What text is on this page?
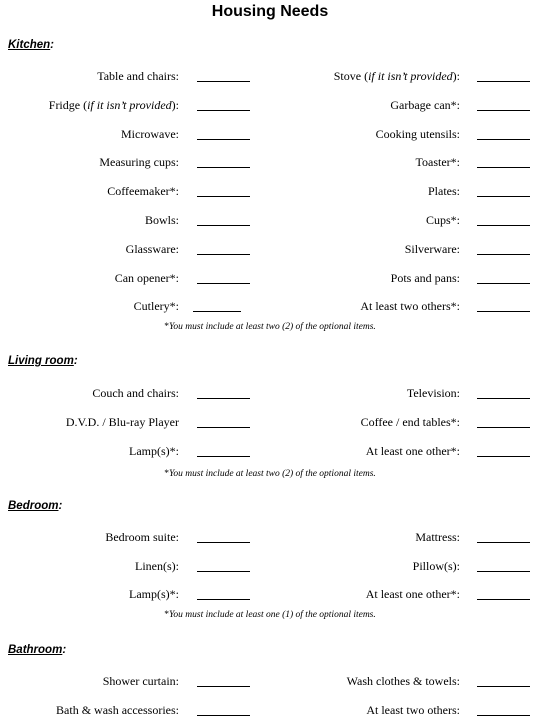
Housing Needs
Kitchen:
Table and chairs:	Stove (if it isn’t provided):
Fridge (if it isn’t provided):	Garbage can*:
Microwave:	Cooking utensils:
Measuring cups:	Toaster*:
Coffeemaker*:	Plates:
Bowls:	Cups*:
Glassware:	Silverware:
Can opener*:	Pots and pans:
Cutlery*:	At least two others*:
*You must include at least two (2) of the optional items.
Living room:
Couch and chairs:	Television:
D.V.D. / Blu-ray Player	Coffee / end tables*:
Lamp(s)*:	At least one other*:
*You must include at least two (2) of the optional items.
Bedroom:
Bedroom suite:	Mattress:
Linen(s):	Pillow(s):
Lamp(s)*:	At least one other*:
*You must include at least one (1) of the optional items.
Bathroom:
Shower curtain:	Wash clothes & towels:
Bath & wash accessories:	At least two others:
